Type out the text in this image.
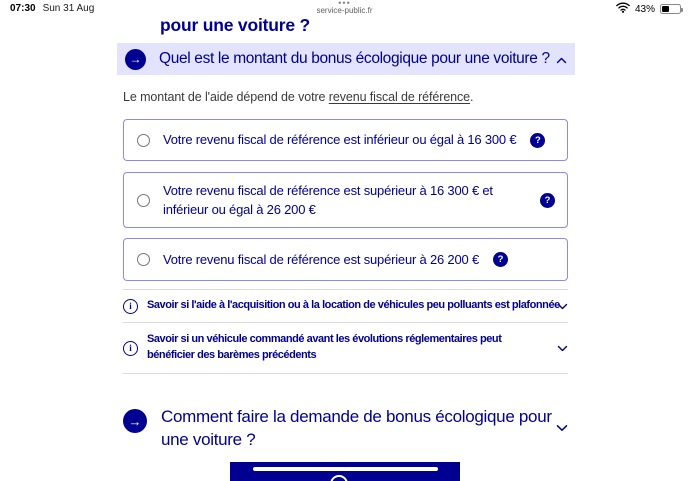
07:30 Sun 31 Aug	•••
service-public.fr	43%
pour une voiture ?
→ Quel est le montant du bonus écologique pour une voiture ?
Le montant de l'aide dépend de votre revenu fiscal de référence.
Votre revenu fiscal de référence est inférieur ou égal à 16 300 €	?
Votre revenu fiscal de référence est supérieur à 16 300 € et inférieur ou égal à 26 200 €
?
Votre revenu fiscal de référence est supérieur à 26 200 €	?
i	Savoir si l'aide à l'acquisition ou à la location de véhicules peu polluants est plafonnée
i
Savoir si un véhicule commandé avant les évolutions réglementaires peut bénéficier des barèmes précédents
→	Comment faire la demande de bonus écologique pour une voiture ?
